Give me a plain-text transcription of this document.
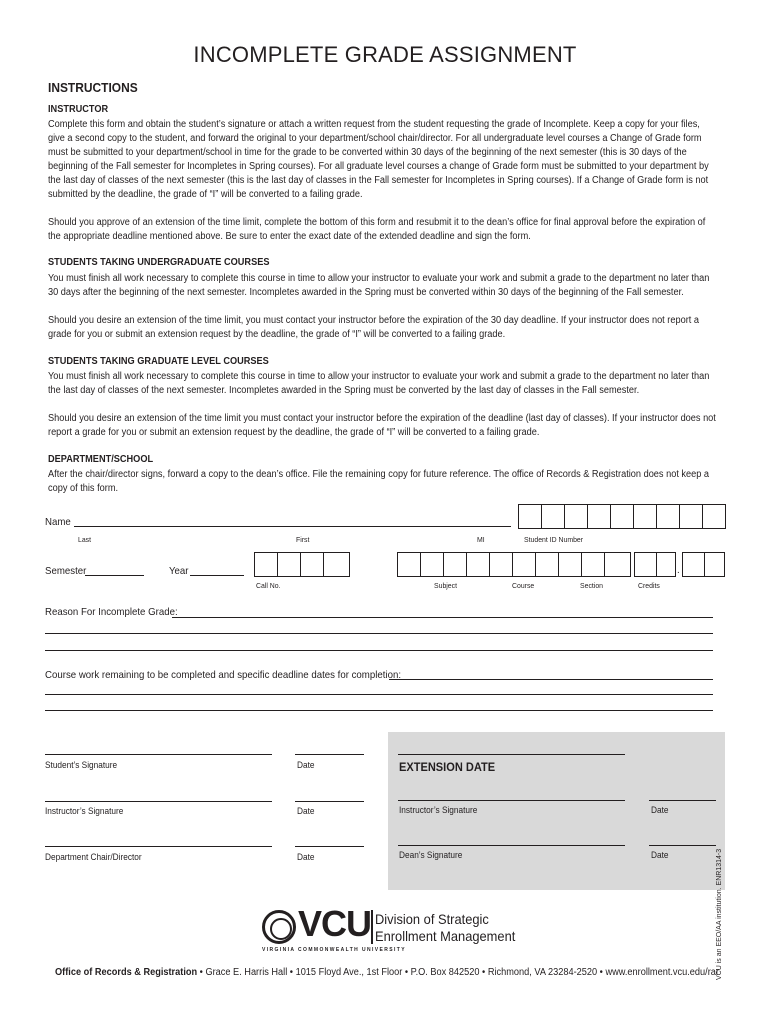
INCOMPLETE GRADE ASSIGNMENT
INSTRUCTIONS
INSTRUCTOR
Complete this form and obtain the student’s signature or attach a written request from the student requesting the grade of Incomplete. Keep a copy for your files, give a second copy to the student, and forward the original to your department/school chair/director. For all undergraduate level courses a Change of Grade form must be submitted to your department/school in time for the grade to be converted within 30 days of the beginning of the next semester (this is 30 days of the beginning of the Fall semester for Incompletes in Spring courses). For all graduate level courses a change of Grade form must be submitted to your department by the last day of classes of the next semester (this is the last day of classes in the Fall semester for Incompletes in Spring courses). If a Change of Grade form is not submitted by the deadline, the grade of “I” will be converted to a failing grade.
Should you approve of an extension of the time limit, complete the bottom of this form and resubmit it to the dean’s office for final approval before the expiration of the appropriate deadline mentioned above. Be sure to enter the exact date of the extended deadline and sign the form.
STUDENTS TAKING UNDERGRADUATE COURSES
You must finish all work necessary to complete this course in time to allow your instructor to evaluate your work and submit a grade to the department no later than 30 days after the beginning of the next semester. Incompletes awarded in the Spring must be converted within 30 days of the beginning of the Fall semester.
Should you desire an extension of the time limit, you must contact your instructor before the expiration of the 30 day deadline. If your instructor does not report a grade for you or submit an extension request by the deadline, the grade of “I” will be converted to a failing grade.
STUDENTS TAKING GRADUATE LEVEL COURSES
You must finish all work necessary to complete this course in time to allow your instructor to evaluate your work and submit a grade to the department no later than the last day of classes of the next semester. Incompletes awarded in the Spring must be converted by the last day of classes in the Fall semester.
Should you desire an extension of the time limit you must contact your instructor before the expiration of the deadline (last day of classes). If your instructor does not report a grade for you or submit an extension request by the deadline, the grade of “I” will be converted to a failing grade.
DEPARTMENT/SCHOOL
After the chair/director signs, forward a copy to the dean’s office. File the remaining copy for future reference. The office of Records & Registration does not keep a copy of this form.
Name
Last	First	MI	Student ID Number
Semester	Year
Call No.	Subject	Course	Section
.
Credits
Reason For Incomplete Grade:
Course work remaining to be completed and specific deadline dates for completion:
EXTENSION DATE
Instructor’s Signature	Date
Dean’s Signature	Date
Student’s Signature	Date
Instructor’s Signature	Date
Department Chair/Director	Date
VCU Division of Strategic
Enrollment Management
VIRGINIA COMMONWEALTH UNIVERSITY
Office of Records & Registration • Grace E. Harris Hall • 1015 Floyd Ave., 1st Floor • P.O. Box 842520 • Richmond, VA 23284-2520 • www.enrollment.vcu.edu/rar
VCU is an EEO/AA institution. ENR1314-3
